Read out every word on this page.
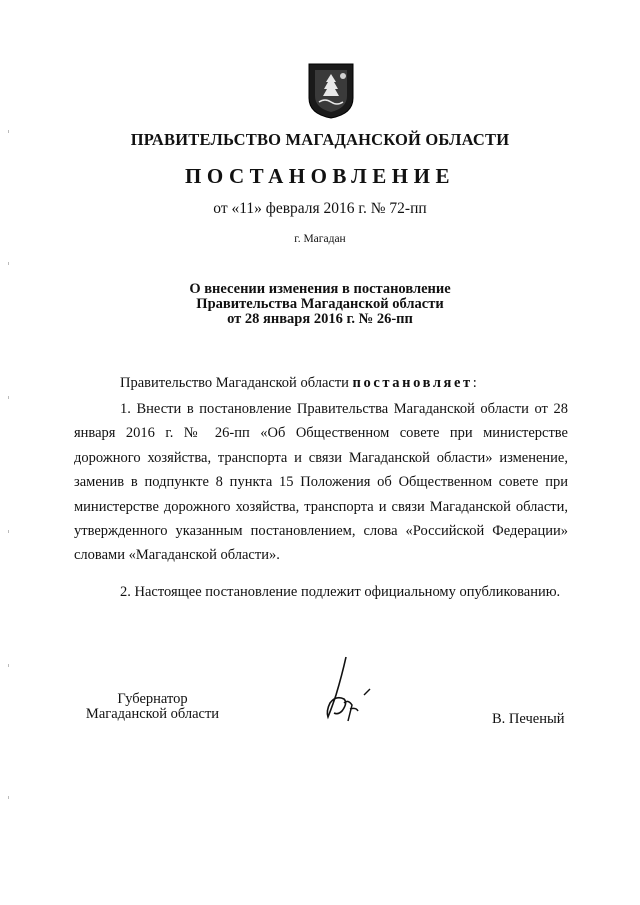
ПРАВИТЕЛЬСТВО МАГАДАНСКОЙ ОБЛАСТИ
ПОСТАНОВЛЕНИЕ
от «11» февраля 2016 г. № 72-пп
г. Магадан
О внесении изменения в постановление
Правительства Магаданской области
от 28 января 2016 г. № 26-пп
Правительство Магаданской области постановляет:

1. Внести в постановление Правительства Магаданской области от 28 января 2016 г. № 26-пп «Об Общественном совете при министерстве дорожного хозяйства, транспорта и связи Магаданской области» изменение, заменив в подпункте 8 пункта 15 Положения об Общественном совете при министерстве дорожного хозяйства, транспорта и связи Магаданской области, утвержденного указанным постановлением, слова «Российской Федерации» словами «Магаданской области».

2. Настоящее постановление подлежит официальному опубликованию.

Губернатор
Магаданской области	В. Печеный
